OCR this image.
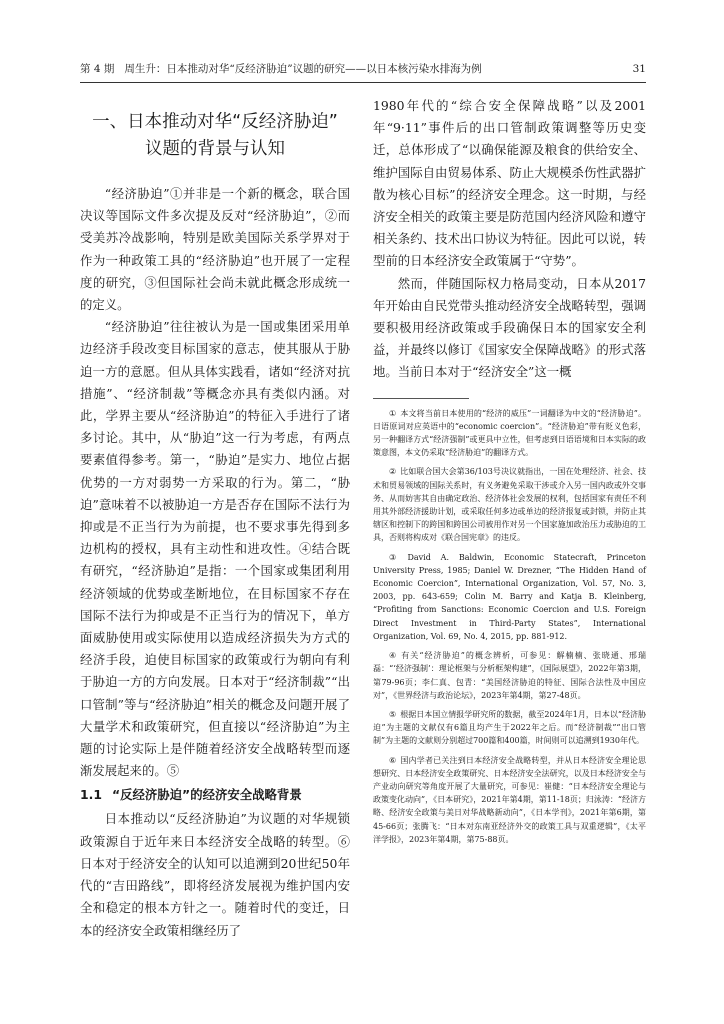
第 4 期 周生升：日本推动对华“反经济胁迫”议题的研究——以日本核污染水排海为例	31
一、日本推动对华“反经济胁迫”
议题的背景与认知

“经济胁迫”①并非是一个新的概念，联合国决议等国际文件多次提及反对“经济胁迫”，②而受美苏冷战影响，特别是欧美国际关系学界对于作为一种政策工具的“经济胁迫”也开展了一定程度的研究，③但国际社会尚未就此概念形成统一的定义。

“经济胁迫”往往被认为是一国或集团采用单边经济手段改变目标国家的意志，使其服从于胁迫一方的意愿。但从具体实践看，诸如“经济对抗措施”、“经济制裁”等概念亦具有类似内涵。对此，学界主要从“经济胁迫”的特征入手进行了诸多讨论。其中，从“胁迫”这一行为考虑，有两点要素值得参考。第一，“胁迫”是实力、地位占据优势的一方对弱势一方采取的行为。第二，“胁迫”意味着不以被胁迫一方是否存在国际不法行为抑或是不正当行为为前提，也不要求事先得到多边机构的授权，具有主动性和进攻性。④结合既有研究，“经济胁迫”是指：一个国家或集团利用经济领域的优势或垄断地位，在目标国家不存在国际不法行为抑或是不正当行为的情况下，单方面威胁使用或实际使用以造成经济损失为方式的经济手段，迫使目标国家的政策或行为朝向有利于胁迫一方的方向发展。日本对于“经济制裁”“出口管制”等与“经济胁迫”相关的概念及问题开展了大量学术和政策研究，但直接以“经济胁迫”为主题的讨论实际上是伴随着经济安全战略转型而逐渐发展起来的。⑤

1.1 “反经济胁迫”的经济安全战略背景

日本推动以“反经济胁迫”为议题的对华规锁政策源自于近年来日本经济安全战略的转型。⑥日本对于经济安全的认知可以追溯到20世纪50年代的“吉田路线”，即将经济发展视为维护国内安全和稳定的根本方针之一。随着时代的变迁，日本的经济安全政策相继经历了

1980年代的“综合安全保障战略”以及2001年“9·11”事件后的出口管制政策调整等历史变迁，总体形成了“以确保能源及粮食的供给安全、维护国际自由贸易体系、防止大规模杀伤性武器扩散为核心目标”的经济安全理念。这一时期，与经济安全相关的政策主要是防范国内经济风险和遵守相关条约、技术出口协议为特征。因此可以说，转型前的日本经济安全政策属于“守势”。

然而，伴随国际权力格局变动，日本从2017年开始由自民党带头推动经济安全战略转型，强调要积极用经济政策或手段确保日本的国家安全利益，并最终以修订《国家安全保障战略》的形式落地。当前日本对于“经济安全”这一概

① 本文将当前日本使用的“经济的威压”一词翻译为中文的“经济胁迫”。日语原词对应英语中的“economic coercion”。“经济胁迫”带有贬义色彩，另一种翻译方式“经济强制”或更具中立性，但考虑到日语语境和日本实际的政策意图，本文仍采取“经济胁迫”的翻译方式。

② 比如联合国大会第36/103号决议就指出，一国在处理经济、社会、技术和贸易领域的国际关系时，有义务避免采取干涉或介入另一国内政或外交事务、从而妨害其自由确定政治、经济体社会发展的权利，包括国家有责任不利用其外部经济援助计划，或采取任何多边或单边的经济报复或封锁，并防止其辖区和控制下的跨国和跨国公司被用作对另一个国家施加政治压力或胁迫的工具，否则将构成对《联合国宪章》的违反。

③ David A. Baldwin, Economic Statecraft, Princeton University Press, 1985; Daniel W. Drezner, “The Hidden Hand of Economic Coercion”, International Organization, Vol. 57, No. 3, 2003, pp. 643-659; Colin M. Barry and Katja B. Kleinberg, “Profiting from Sanctions: Economic Coercion and U.S. Foreign Direct Investment in Third-Party States”, International Organization, Vol. 69, No. 4, 2015, pp. 881-912.

④ 有关“经济胁迫”的概念辨析，可参见：解楠楠、张晓通、邢瑞磊：“‘经济强制’：理论框架与分析框架构建”，《国际展望》，2022年第3期，第79-96页；李仁真、包青：“美国经济胁迫的特征、国际合法性及中国应对”，《世界经济与政治论坛》，2023年第4期，第27-48页。

⑤ 根据日本国立情报学研究所的数据，截至2024年1月，日本以“经济胁迫”为主题的文献仅有6篇且均产生于2022年之后。而“经济制裁”“出口管制”为主题的文献则分别超过700篇和400篇，时间则可以追溯到1930年代。

⑥ 国内学者已关注到日本经济安全战略转型，并从日本经济安全理论思想研究、日本经济安全政策研究、日本经济安全法研究，以及日本经济安全与产业动向研究等角度开展了大量研究，可参见：崔健：“日本经济安全理论与政策变化动向”，《日本研究》，2021年第4期，第11-18页；归泳涛：“经济方略、经济安全政策与美日对华战略新动向”，《日本学刊》，2021年第6期，第45-66页；张腾飞：“日本对东南亚经济外交的政策工具与双重逻辑”，《太平洋学报》，2023年第4期，第75-88页。
